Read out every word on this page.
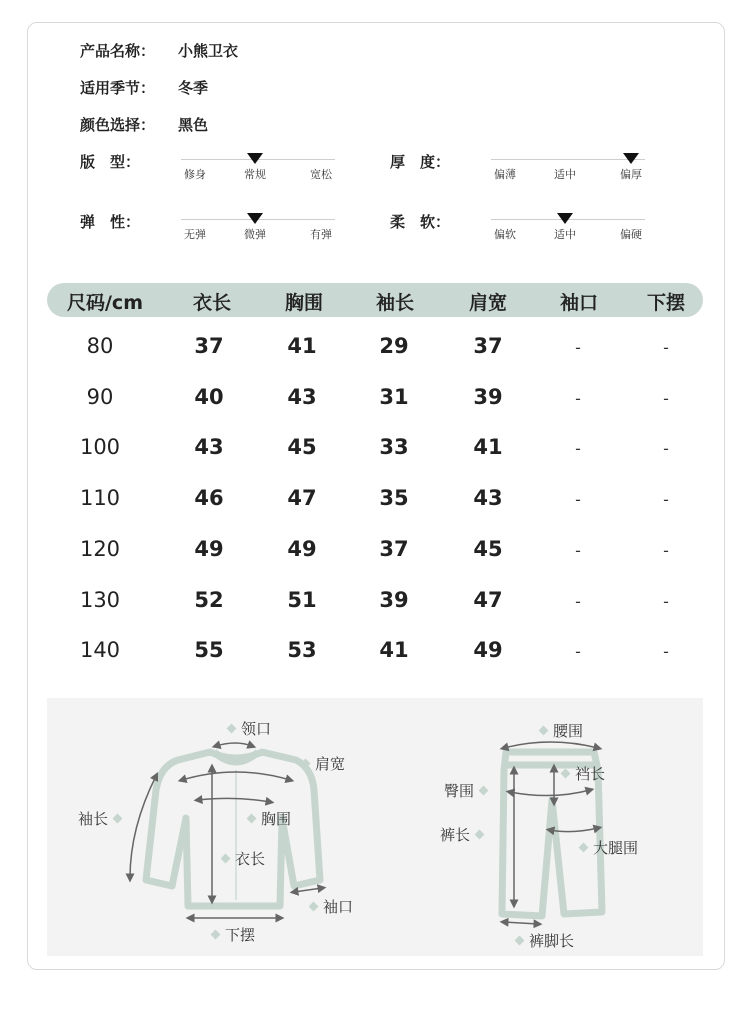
产品名称： 小熊卫衣
适用季节： 冬季
颜色选择： 黑色
版　型：
修身	常规	宽松
厚　度：
偏薄	适中	偏厚
弹　性：
无弹	微弹	有弹
柔　软：
偏软	适中	偏硬
尺码/cm	衣长	胸围	袖长	肩宽	袖口	下摆
80	37	41	29	37	-	-
90	40	43	31	39	-	-
100	43	45	33	41	-	-
110	46	47	35	43	-	-
120	49	49	37	45	-	-
130	52	51	39	47	-	-
140	55	53	41	49	-	-
领口
肩宽
袖长	胸围
衣长
袖口
下摆
腰围
裆长
臀围
裤长
大腿围
裤脚长
